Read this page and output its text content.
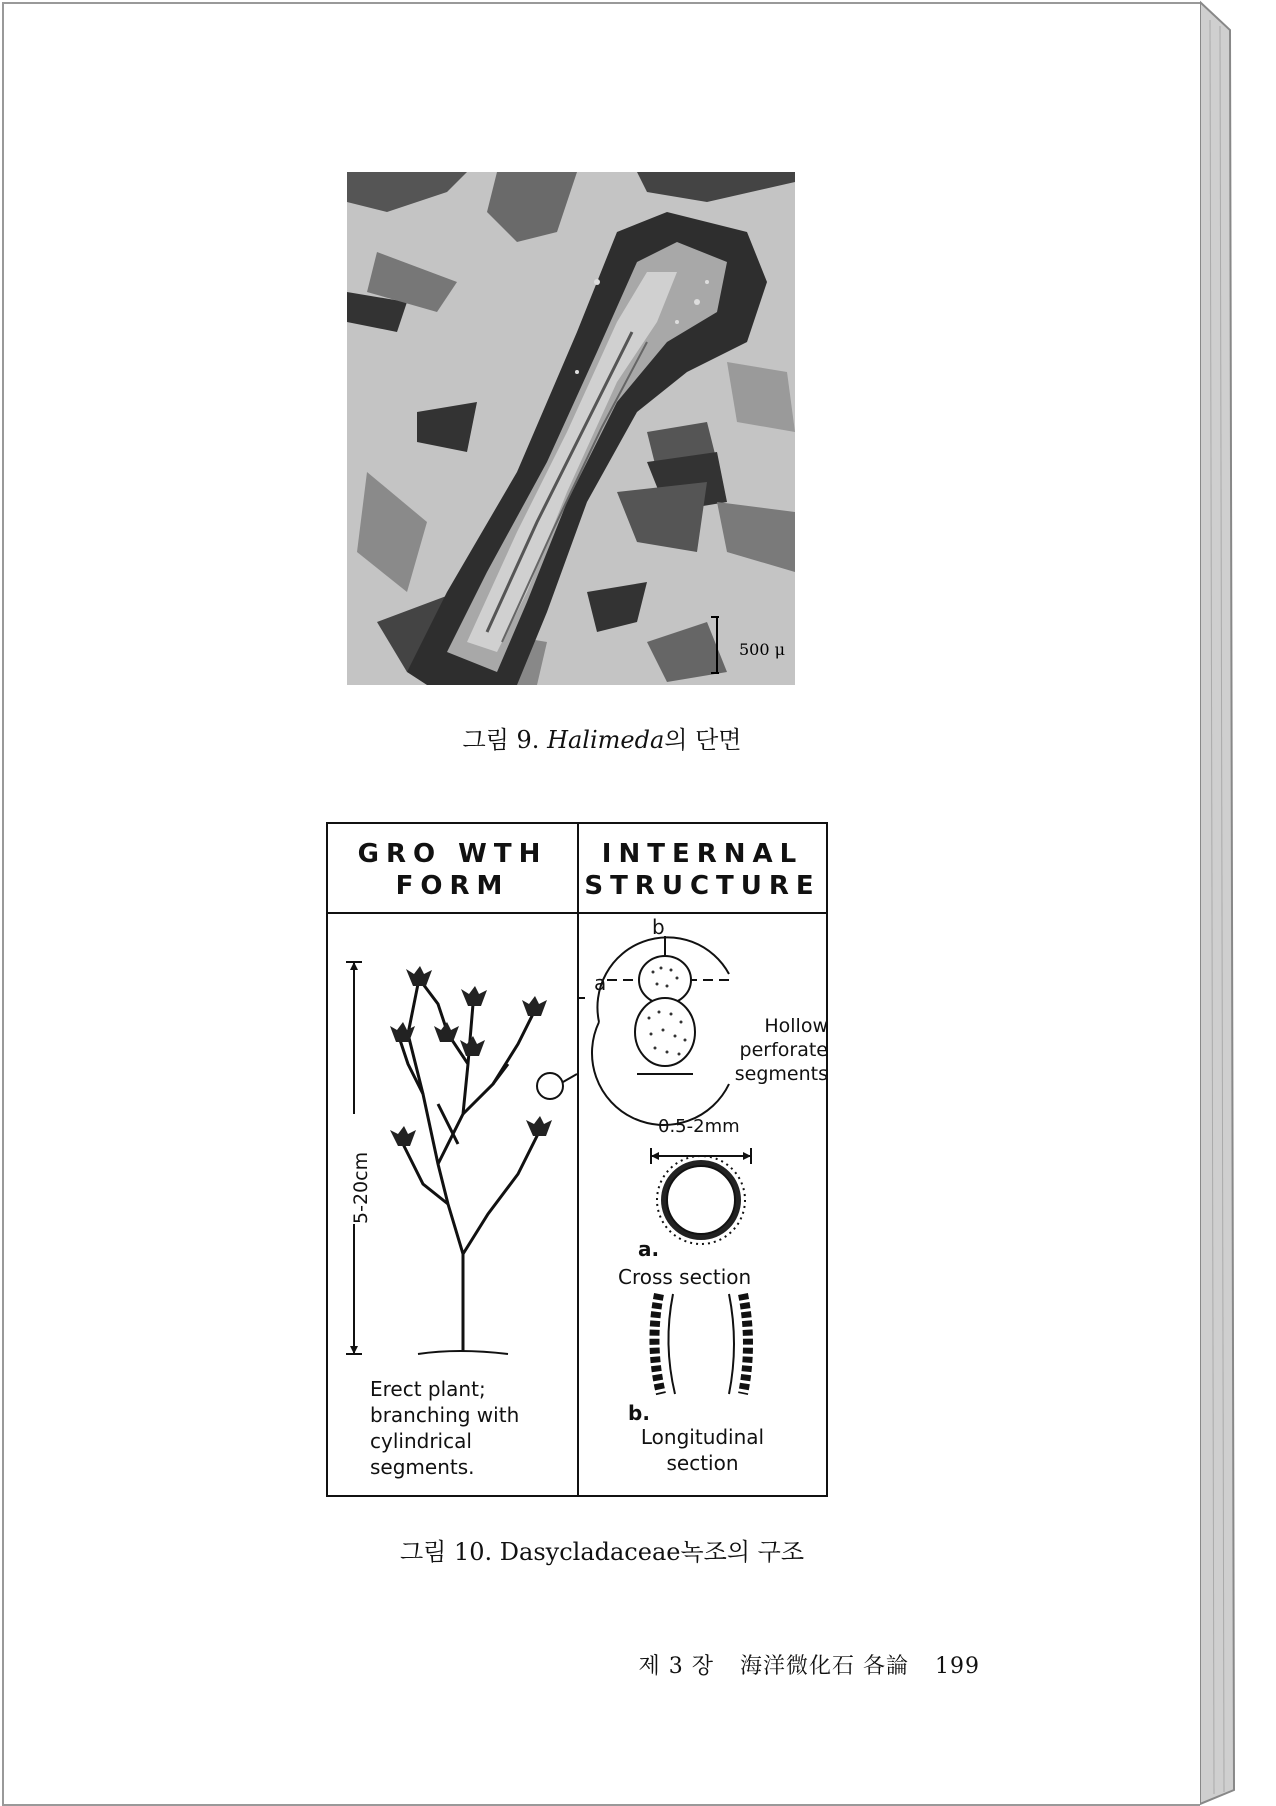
500 μ
그림 9. Halimeda의 단면
GRO WTH
FORM
INTERNAL
STRUCTURE
5-20cm
Erect plant;
branching with
cylindrical
segments.
b
a
Hollow
perforate
segments
0.5-2mm
a.
Cross section
b.
Longitudinal
section
그림 10. Dasycladaceae녹조의 구조
제 3 장 海洋微化石 各論 199
